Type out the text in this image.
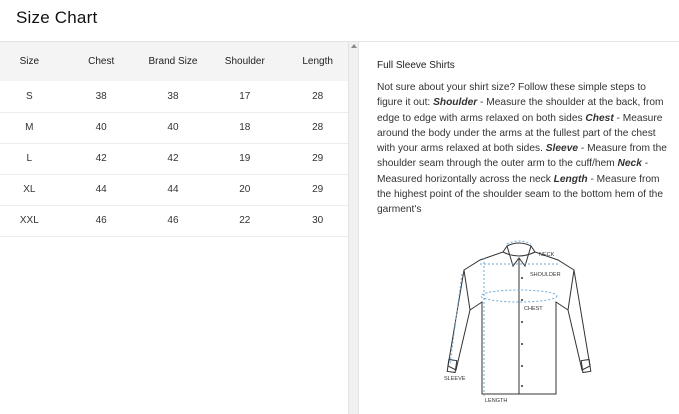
Size Chart
Size	Chest	Brand Size	Shoulder	Length
S	38	38	17	28
M	40	40	18	28
L	42	42	19	29
XL	44	44	20	29
XXL	46	46	22	30
Full Sleeve Shirts
Not sure about your shirt size? Follow these simple steps to figure it out: Shoulder - Measure the shoulder at the back, from edge to edge with arms relaxed on both sides Chest - Measure around the body under the arms at the fullest part of the chest with your arms relaxed at both sides. Sleeve - Measure from the shoulder seam through the outer arm to the cuff/hem Neck - Measured horizontally across the neck Length - Measure from the highest point of the shoulder seam to the bottom hem of the garment's
NECK
SHOULDER
CHEST
SLEEVE
LENGTH
